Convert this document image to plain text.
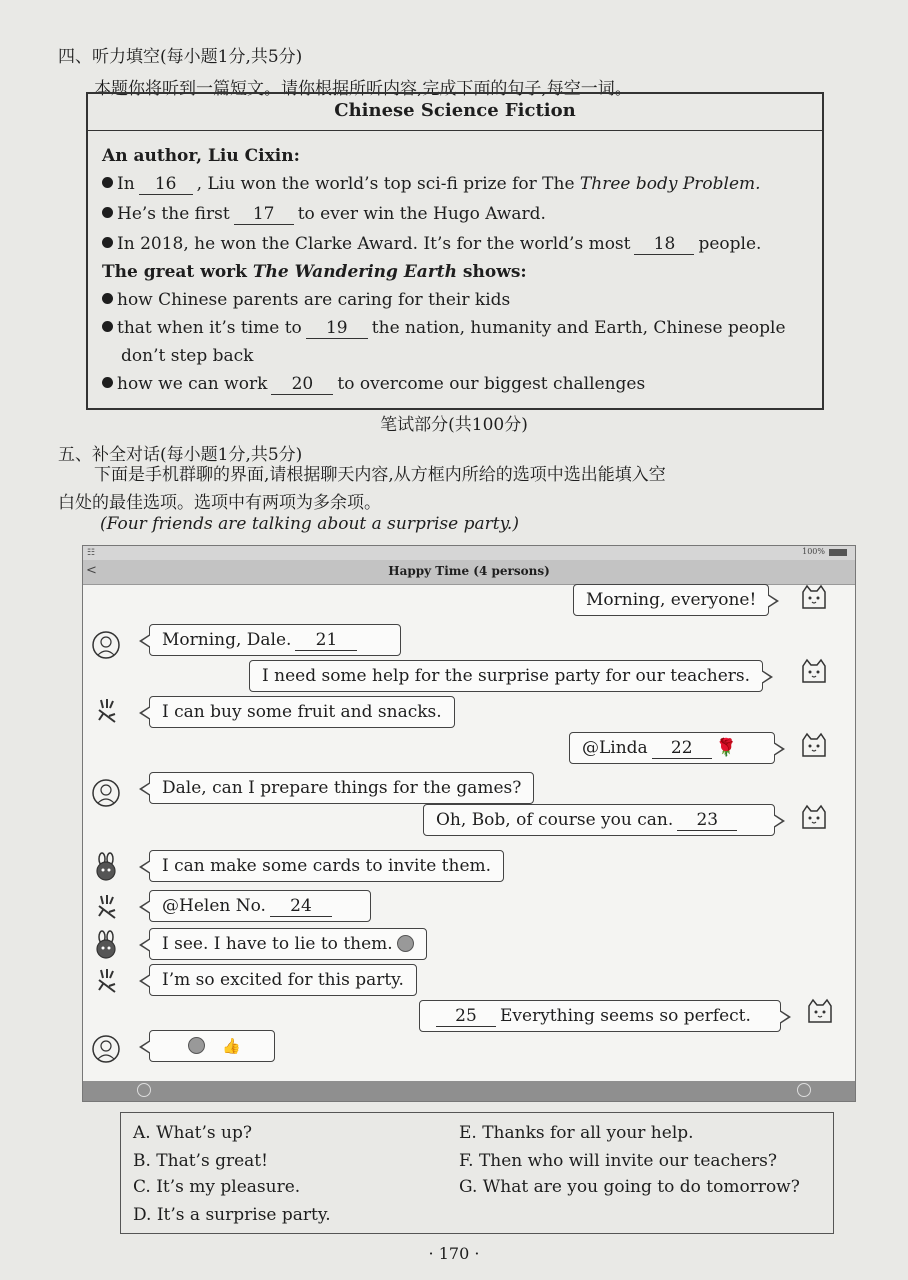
四、听力填空(每小题1分,共5分)
本题你将听到一篇短文。请你根据所听内容,完成下面的句子,每空一词。
Chinese Science Fiction
An author, Liu Cixin:
In 16 , Liu won the world’s top sci-fi prize for The Three body Problem.
He’s the first 17 to ever win the Hugo Award.
In 2018, he won the Clarke Award. It’s for the world’s most 18 people.
The great work The Wandering Earth shows:
how Chinese parents are caring for their kids
that when it’s time to 19 the nation, humanity and Earth, Chinese people
don’t step back
how we can work 20 to overcome our biggest challenges
笔试部分(共100分)
五、补全对话(每小题1分,共5分)
下面是手机群聊的界面,请根据聊天内容,从方框内所给的选项中选出能填入空
白处的最佳选项。选项中有两项为多余项。
(Four friends are talking about a surprise party.)
☷	100%
<	Happy Time (4 persons)
Morning, everyone!
Morning, Dale. 21
I need some help for the surprise party for our teachers.
I can buy some fruit and snacks.
@Linda 22 🌹
Dale, can I prepare things for the games?
Oh, Bob, of course you can. 23
I can make some cards to invite them.
@Helen No. 24
I see. I have to lie to them.
I’m so excited for this party.
25 Everything seems so perfect.
👍
A. What’s up?
B. That’s great!
C. It’s my pleasure.
D. It’s a surprise party.
E. Thanks for all your help.
F. Then who will invite our teachers?
G. What are you going to do tomorrow?
· 170 ·
